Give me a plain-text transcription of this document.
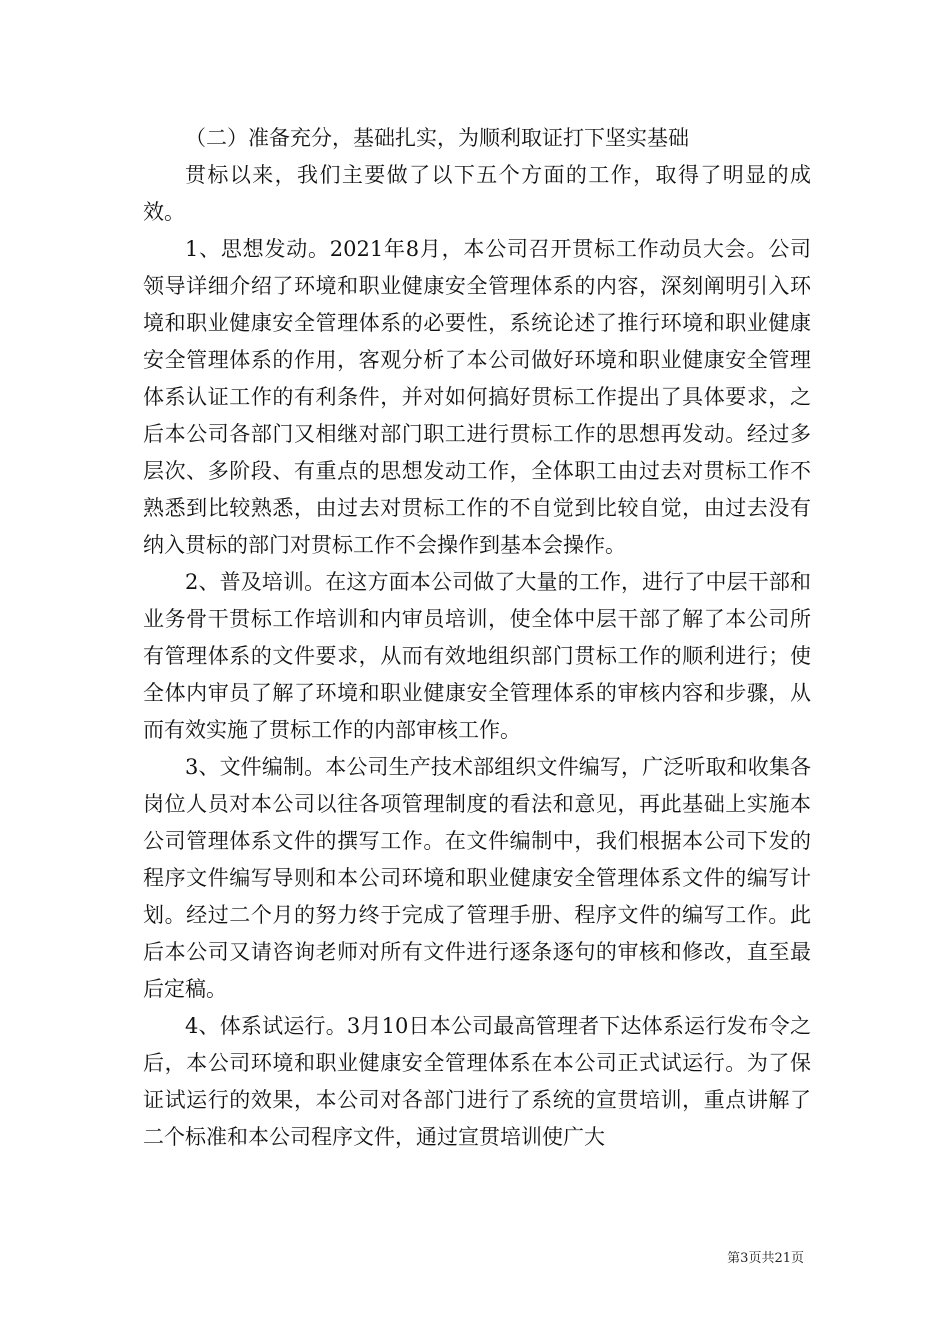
（二）准备充分，基础扎实，为顺利取证打下坚实基础

贯标以来，我们主要做了以下五个方面的工作，取得了明显的成效。

1、思想发动。2021年8月，本公司召开贯标工作动员大会。公司领导详细介绍了环境和职业健康安全管理体系的内容，深刻阐明引入环境和职业健康安全管理体系的必要性，系统论述了推行环境和职业健康安全管理体系的作用，客观分析了本公司做好环境和职业健康安全管理体系认证工作的有利条件，并对如何搞好贯标工作提出了具体要求，之后本公司各部门又相继对部门职工进行贯标工作的思想再发动。经过多层次、多阶段、有重点的思想发动工作，全体职工由过去对贯标工作不熟悉到比较熟悉，由过去对贯标工作的不自觉到比较自觉，由过去没有纳入贯标的部门对贯标工作不会操作到基本会操作。

2、普及培训。在这方面本公司做了大量的工作，进行了中层干部和业务骨干贯标工作培训和内审员培训，使全体中层干部了解了本公司所有管理体系的文件要求，从而有效地组织部门贯标工作的顺利进行；使全体内审员了解了环境和职业健康安全管理体系的审核内容和步骤，从而有效实施了贯标工作的内部审核工作。

3、文件编制。本公司生产技术部组织文件编写，广泛听取和收集各岗位人员对本公司以往各项管理制度的看法和意见，再此基础上实施本公司管理体系文件的撰写工作。在文件编制中，我们根据本公司下发的程序文件编写导则和本公司环境和职业健康安全管理体系文件的编写计划。经过二个月的努力终于完成了管理手册、程序文件的编写工作。此后本公司又请咨询老师对所有文件进行逐条逐句的审核和修改，直至最后定稿。

4、体系试运行。3月10日本公司最高管理者下达体系运行发布令之后，本公司环境和职业健康安全管理体系在本公司正式试运行。为了保证试运行的效果，本公司对各部门进行了系统的宣贯培训，重点讲解了二个标准和本公司程序文件，通过宣贯培训使广大

第3页共21页
